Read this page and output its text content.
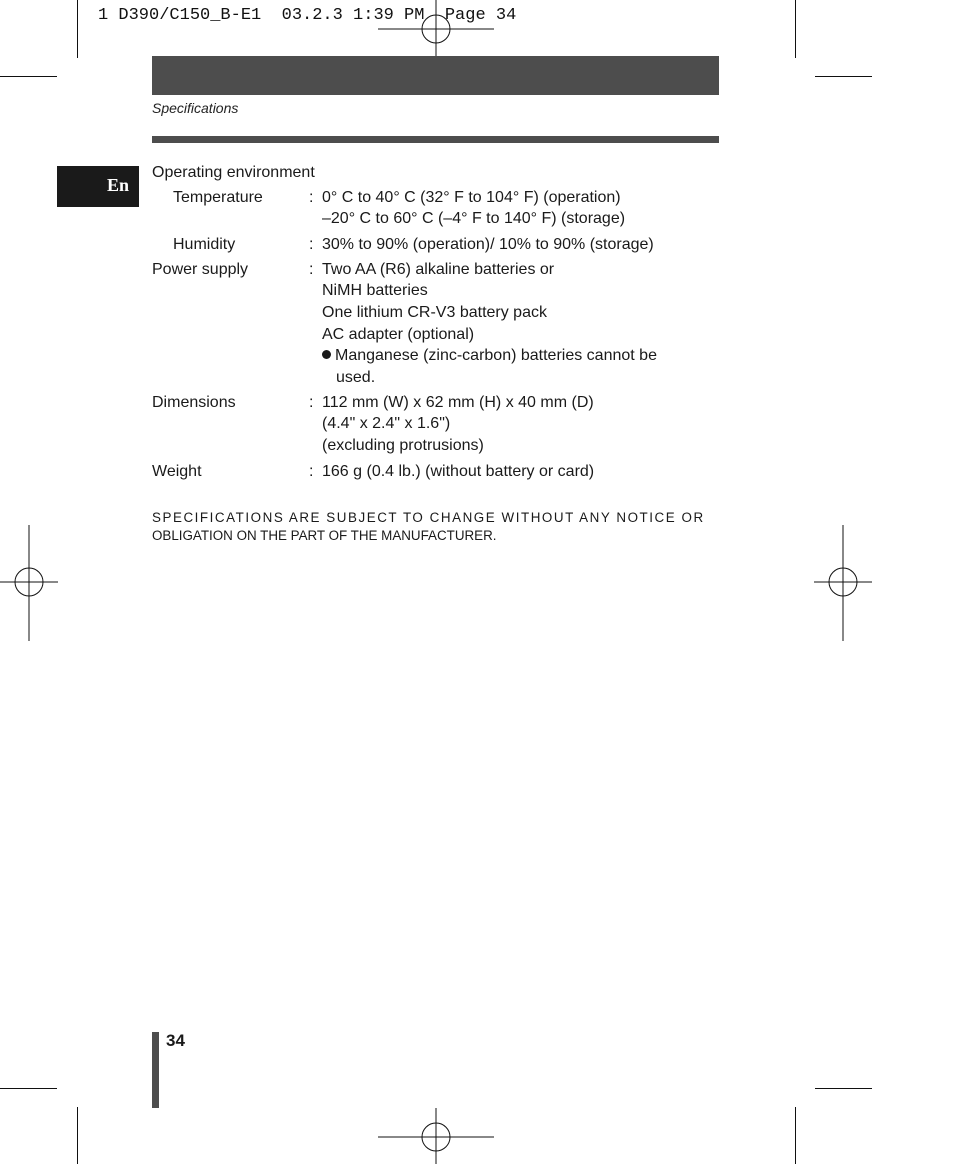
1 D390/C150_B-E1  03.2.3 1:39 PM  Page 34
Specifications
En
Operating environment
Temperature	: 0° C to 40° C (32° F to 104° F) (operation)
–20° C to 60° C (–4° F to 140° F) (storage)
Humidity	: 30% to 90% (operation)/ 10% to 90% (storage)
Power supply	: Two AA (R6) alkaline batteries or
NiMH batteries
One lithium CR-V3 battery pack
AC adapter (optional)
Manganese (zinc-carbon) batteries cannot be
used.
Dimensions	: 112 mm (W) x 62 mm (H) x 40 mm (D)
(4.4" x 2.4" x 1.6")
(excluding protrusions)
Weight	: 166 g (0.4 lb.) (without battery or card)
SPECIFICATIONS ARE SUBJECT TO CHANGE WITHOUT ANY NOTICE OR
OBLIGATION ON THE PART OF THE MANUFACTURER.
34
